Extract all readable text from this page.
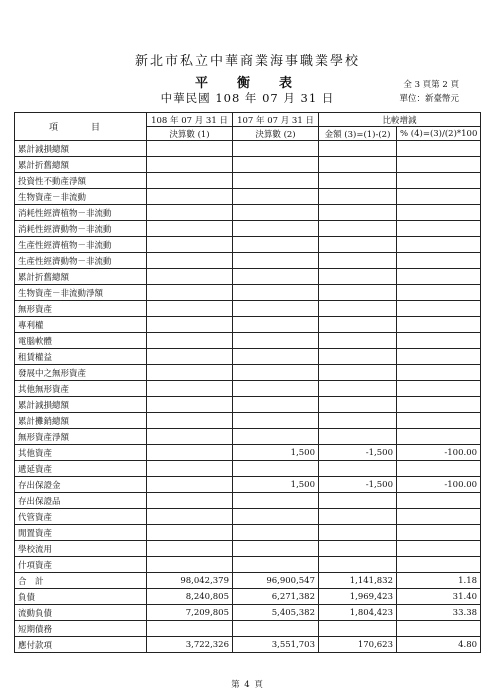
新北市私立中華商業海事職業學校
平　衡　表
中華民國 108 年 07 月 31 日
全 3 頁第 2 頁
單位：新臺幣元
項　目	108 年 07 月 31 日	107 年 07 月 31 日	比較增減	
	決算數 (1)	決算數 (2)	金額 (3)=(1)-(2)	% (4)=(3)/(2)*100
累計減損總額				
累計折舊總額				
投資性不動產淨額				
生物資產－非流動				
消耗性經濟植物－非流動				
消耗性經濟動物－非流動				
生產性經濟植物－非流動				
生產性經濟動物－非流動				
累計折舊總額				
生物資產－非流動淨額				
無形資產				
專利權				
電腦軟體				
租賃權益				
發展中之無形資產				
其他無形資產				
累計減損總額				
累計攤銷總額				
無形資產淨額				
其他資產		1,500	-1,500	-100.00
遞延資產				
存出保證金		1,500	-1,500	-100.00
存出保證品				
代管資產				
閒置資產				
學校流用				
什項資產				
合　計	98,042,379	96,900,547	1,141,832	1.18
負債	8,240,805	6,271,382	1,969,423	31.40
流動負債	7,209,805	5,405,382	1,804,423	33.38
短期債務				
應付款項	3,722,326	3,551,703	170,623	4.80
第 4 頁
